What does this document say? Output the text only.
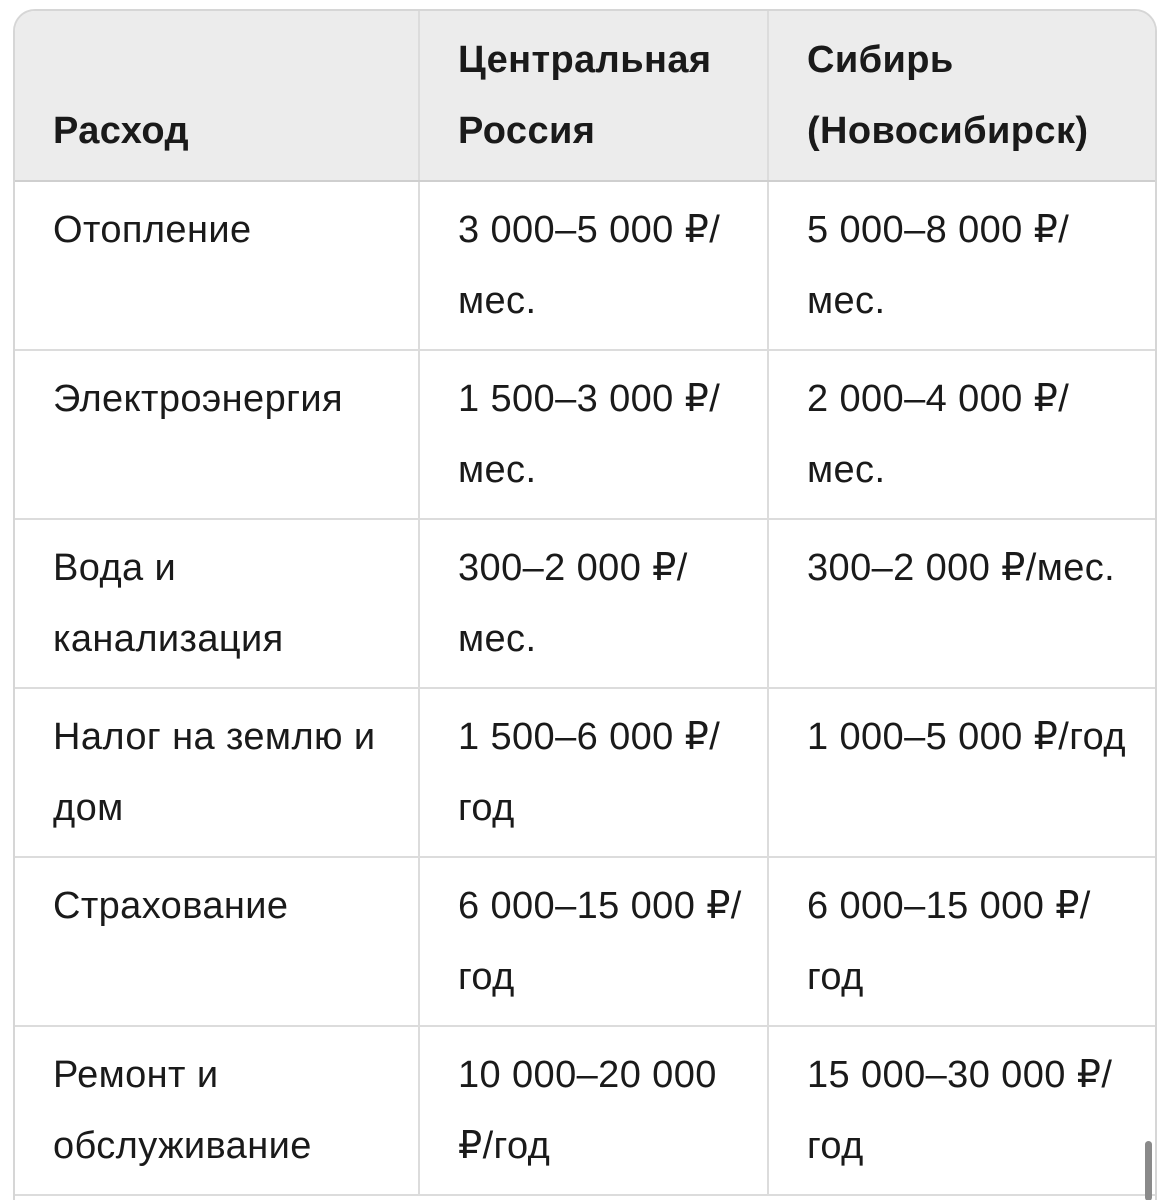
Расход	Центральная Россия	Сибирь (Новосибирск)

Отопление	3 000–5 000 ₽/мес.	5 000–8 000 ₽/мес.
Электроэнергия	1 500–3 000 ₽/мес.	2 000–4 000 ₽/мес.
Вода и канализация	300–2 000 ₽/мес.	300–2 000 ₽/мес.
Налог на землю и дом	1 500–6 000 ₽/год	1 000–5 000 ₽/год
Страхование	6 000–15 000 ₽/год	6 000–15 000 ₽/год
Ремонт и обслуживание	10 000–20 000 ₽/год	15 000–30 000 ₽/год
